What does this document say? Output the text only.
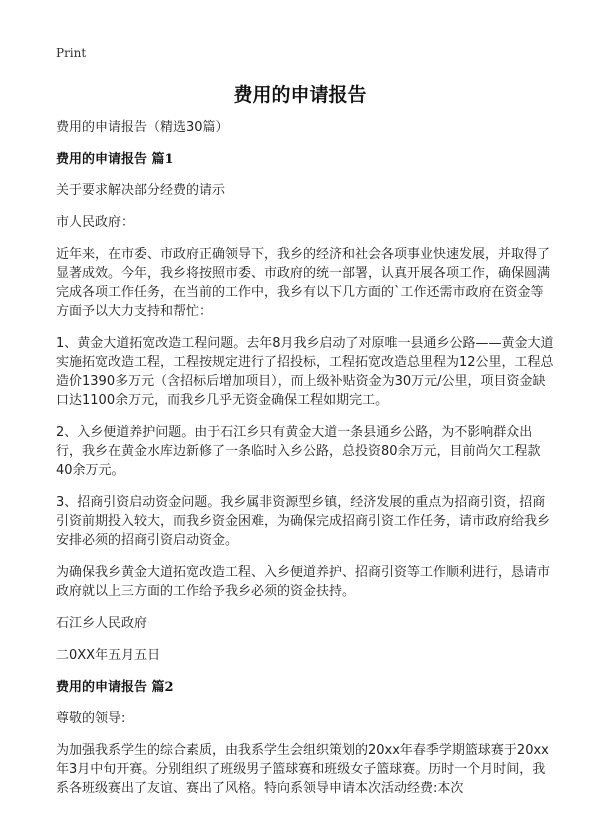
Print
费用的申请报告

费用的申请报告（精选30篇）

费用的申请报告 篇1

关于要求解决部分经费的请示

市人民政府：

近年来，在市委、市政府正确领导下，我乡的经济和社会各项事业快速发展，并取得了显著成效。今年，我乡将按照市委、市政府的统一部署，认真开展各项工作，确保圆满完成各项工作任务，在当前的工作中，我乡有以下几方面的`工作还需市政府在资金等方面予以大力支持和帮忙：

1、黄金大道拓宽改造工程问题。去年8月我乡启动了对原唯一县通乡公路——黄金大道实施拓宽改造工程，工程按规定进行了招投标，工程拓宽改造总里程为12公里，工程总造价1390多万元（含招标后增加项目），而上级补贴资金为30万元/公里，项目资金缺口达1100余万元，而我乡几乎无资金确保工程如期完工。

2、入乡便道养护问题。由于石江乡只有黄金大道一条县通乡公路，为不影响群众出行，我乡在黄金水库边新修了一条临时入乡公路，总投资80余万元，目前尚欠工程款40余万元。

3、招商引资启动资金问题。我乡属非资源型乡镇，经济发展的重点为招商引资，招商引资前期投入较大，而我乡资金困难，为确保完成招商引资工作任务，请市政府给我乡安排必须的招商引资启动资金。

为确保我乡黄金大道拓宽改造工程、入乡便道养护、招商引资等工作顺利进行，恳请市政府就以上三方面的工作给予我乡必须的资金扶持。

石江乡人民政府

二0XX年五月五日

费用的申请报告 篇2

尊敬的领导:

为加强我系学生的综合素质，由我系学生会组织策划的20xx年春季学期篮球赛于20xx年3月中旬开赛。分别组织了班级男子篮球赛和班级女子篮球赛。历时一个月时间，我系各班级赛出了友谊、赛出了风格。特向系领导申请本次活动经费:本次
